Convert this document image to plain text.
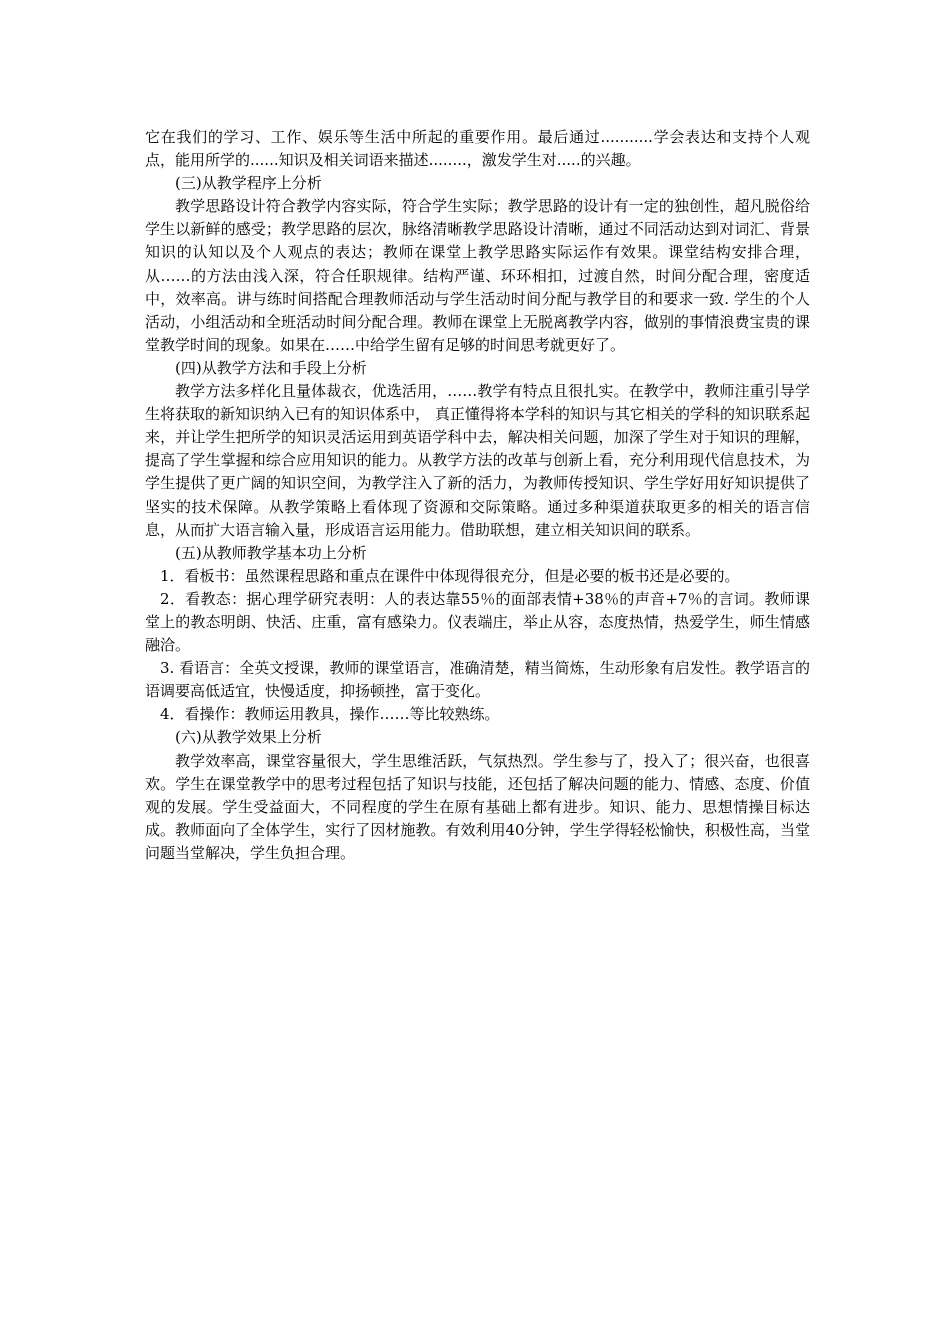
它在我们的学习、工作、娱乐等生活中所起的重要作用。最后通过...........学会表达和支持个人观点，能用所学的......知识及相关词语来描述........，激发学生对.....的兴趣。

(三)从教学程序上分析

教学思路设计符合教学内容实际，符合学生实际；教学思路的设计有一定的独创性，超凡脱俗给学生以新鲜的感受；教学思路的层次，脉络清晰教学思路设计清晰，通过不同活动达到对词汇、背景知识的认知以及个人观点的表达；教师在课堂上教学思路实际运作有效果。课堂结构安排合理，从……的方法由浅入深，符合任职规律。结构严谨、环环相扣，过渡自然，时间分配合理，密度适中，效率高。讲与练时间搭配合理教师活动与学生活动时间分配与教学目的和要求一致. 学生的个人活动，小组活动和全班活动时间分配合理。教师在课堂上无脱离教学内容，做别的事情浪费宝贵的课堂教学时间的现象。如果在……中给学生留有足够的时间思考就更好了。

(四)从教学方法和手段上分析

教学方法多样化且量体裁衣，优选活用，……教学有特点且很扎实。在教学中，教师注重引导学生将获取的新知识纳入已有的知识体系中， 真正懂得将本学科的知识与其它相关的学科的知识联系起来，并让学生把所学的知识灵活运用到英语学科中去，解决相关问题，加深了学生对于知识的理解，提高了学生掌握和综合应用知识的能力。从教学方法的改革与创新上看，充分利用现代信息技术，为学生提供了更广阔的知识空间，为教学注入了新的活力，为教师传授知识、学生学好用好知识提供了坚实的技术保障。从教学策略上看体现了资源和交际策略。通过多种渠道获取更多的相关的语言信息，从而扩大语言输入量，形成语言运用能力。借助联想，建立相关知识间的联系。

(五)从教师教学基本功上分析

1．看板书：虽然课程思路和重点在课件中体现得很充分，但是必要的板书还是必要的。

2．看教态：据心理学研究表明：人的表达靠55％的面部表情+38％的声音+7％的言词。教师课堂上的教态明朗、快活、庄重，富有感染力。仪表端庄，举止从容，态度热情，热爱学生，师生情感融洽。

3. 看语言：全英文授课，教师的课堂语言，准确清楚，精当简炼，生动形象有启发性。教学语言的语调要高低适宜，快慢适度，抑扬顿挫，富于变化。

4．看操作：教师运用教具，操作……等比较熟练。

(六)从教学效果上分析

教学效率高，课堂容量很大，学生思维活跃，气氛热烈。学生参与了，投入了；很兴奋，也很喜欢。学生在课堂教学中的思考过程包括了知识与技能，还包括了解决问题的能力、情感、态度、价值观的发展。学生受益面大，不同程度的学生在原有基础上都有进步。知识、能力、思想情操目标达成。教师面向了全体学生，实行了因材施教。有效利用40分钟，学生学得轻松愉快，积极性高，当堂问题当堂解决，学生负担合理。
